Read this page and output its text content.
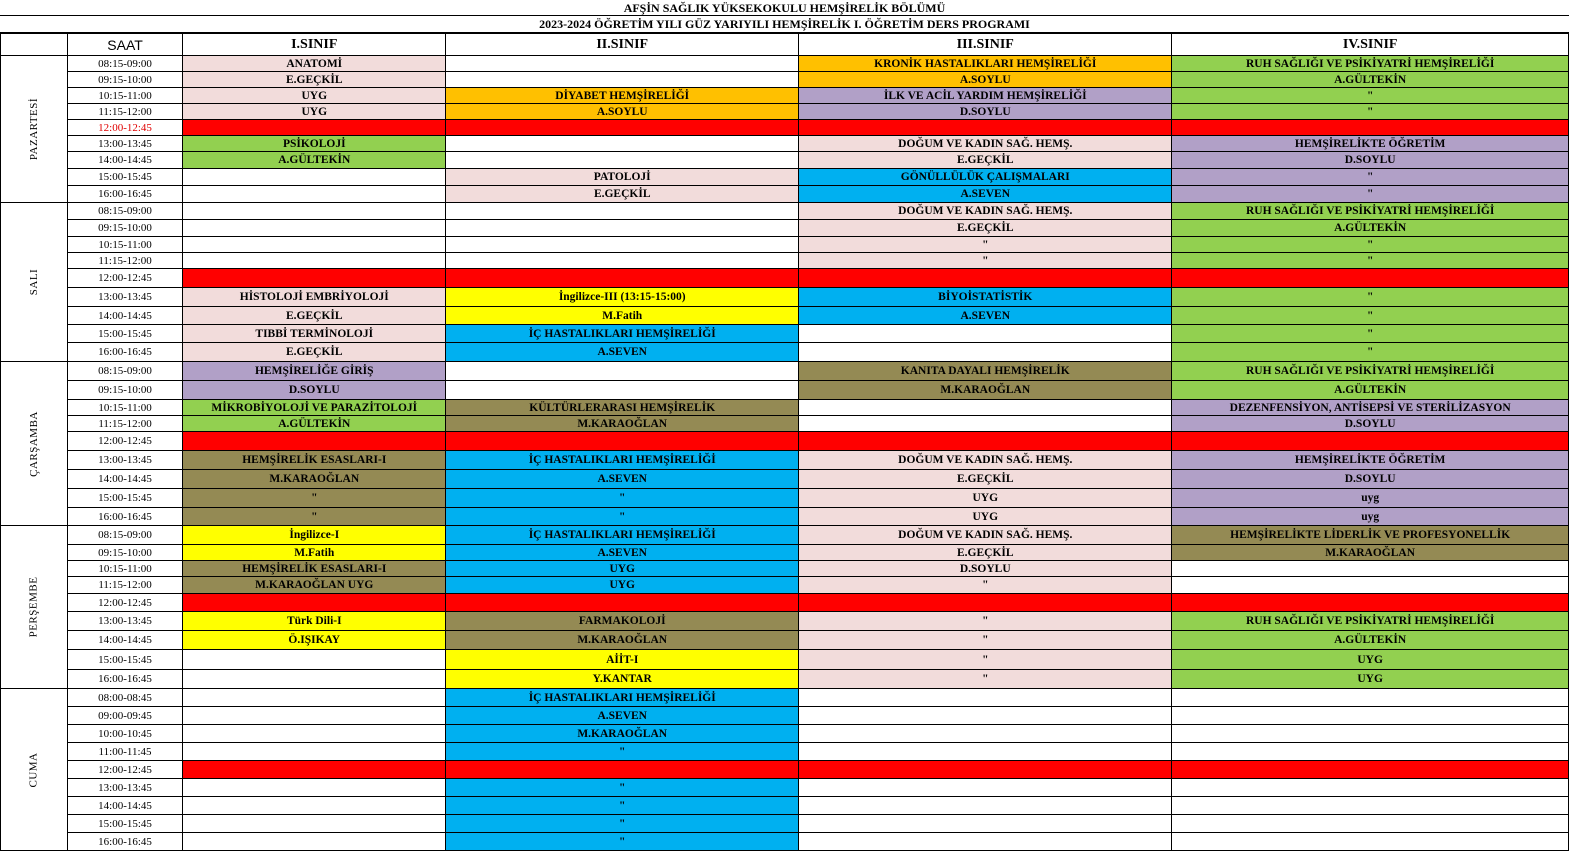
AFŞİN SAĞLIK YÜKSEKOKULU HEMŞİRELİK BÖLÜMÜ
2023-2024 ÖĞRETİM YILI GÜZ YARIYILI HEMŞİRELİK I. ÖĞRETİM DERS PROGRAMI
	SAAT	I.SINIF	II.SINIF	III.SINIF	IV.SINIF
PAZARTESİ	08:15-09:00	ANATOMİ		KRONİK HASTALIKLARI HEMŞİRELİĞİ	RUH SAĞLIĞI VE PSİKİYATRİ HEMŞİRELİĞİ
	09:15-10:00	E.GEÇKİL		A.SOYLU	A.GÜLTEKİN
	10:15-11:00	UYG	DİYABET HEMŞİRELİĞİ	İLK VE ACİL YARDIM HEMŞİRELİĞİ	"
	11:15-12:00	UYG	A.SOYLU	D.SOYLU	"
	12:00-12:45				
	13:00-13:45	PSİKOLOJİ		DOĞUM VE KADIN SAĞ. HEMŞ.	HEMŞİRELİKTE ÖĞRETİM
	14:00-14:45	A.GÜLTEKİN		E.GEÇKİL	D.SOYLU
	15:00-15:45		PATOLOJİ	GÖNÜLLÜLÜK ÇALIŞMALARI	"
	16:00-16:45		E.GEÇKİL	A.SEVEN	"
SALI	08:15-09:00			DOĞUM VE KADIN SAĞ. HEMŞ.	RUH SAĞLIĞI VE PSİKİYATRİ HEMŞİRELİĞİ
	09:15-10:00			E.GEÇKİL	A.GÜLTEKİN
	10:15-11:00			"	"
	11:15-12:00			"	"
	12:00-12:45				
	13:00-13:45	HİSTOLOJİ EMBRİYOLOJİ	İngilizce-III (13:15-15:00)	BİYOİSTATİSTİK	"
	14:00-14:45	E.GEÇKİL	M.Fatih	A.SEVEN	"
	15:00-15:45	TIBBİ TERMİNOLOJİ	İÇ HASTALIKLARI HEMŞİRELİĞİ		"
	16:00-16:45	E.GEÇKİL	A.SEVEN		"
ÇARŞAMBA	08:15-09:00	HEMŞİRELİĞE GİRİŞ		KANITA DAYALI HEMŞİRELİK	RUH SAĞLIĞI VE PSİKİYATRİ HEMŞİRELİĞİ
	09:15-10:00	D.SOYLU		M.KARAOĞLAN	A.GÜLTEKİN
	10:15-11:00	MİKROBİYOLOJİ VE PARAZİTOLOJİ	KÜLTÜRLERARASI HEMŞİRELİK		DEZENFENSİYON, ANTİSEPSİ VE STERİLİZASYON
	11:15-12:00	A.GÜLTEKİN	M.KARAOĞLAN		D.SOYLU
	12:00-12:45				
	13:00-13:45	HEMŞİRELİK ESASLARI-I	İÇ HASTALIKLARI HEMŞİRELİĞİ	DOĞUM VE KADIN SAĞ. HEMŞ.	HEMŞİRELİKTE ÖĞRETİM
	14:00-14:45	M.KARAOĞLAN	A.SEVEN	E.GEÇKİL	D.SOYLU
	15:00-15:45	"	"	UYG	uyg
	16:00-16:45	"	"	UYG	uyg
PERŞEMBE	08:15-09:00	İngilizce-I	İÇ HASTALIKLARI HEMŞİRELİĞİ	DOĞUM VE KADIN SAĞ. HEMŞ.	HEMŞİRELİKTE LİDERLİK VE PROFESYONELLİK
	09:15-10:00	M.Fatih	A.SEVEN	E.GEÇKİL	M.KARAOĞLAN
	10:15-11:00	HEMŞİRELİK ESASLARI-I	UYG	D.SOYLU	
	11:15-12:00	M.KARAOĞLAN UYG	UYG	"	
	12:00-12:45				
	13:00-13:45	Türk Dili-I	FARMAKOLOJİ	"	RUH SAĞLIĞI VE PSİKİYATRİ HEMŞİRELİĞİ
	14:00-14:45	Ö.IŞIKAY	M.KARAOĞLAN	"	A.GÜLTEKİN
	15:00-15:45		AİİT-I	"	UYG
	16:00-16:45		Y.KANTAR	"	UYG
CUMA	08:00-08:45		İÇ HASTALIKLARI HEMŞİRELİĞİ		
	09:00-09:45		A.SEVEN		
	10:00-10:45		M.KARAOĞLAN		
	11:00-11:45		"		
	12:00-12:45				
	13:00-13:45		"		
	14:00-14:45		"		
	15:00-15:45		"		
	16:00-16:45		"		
